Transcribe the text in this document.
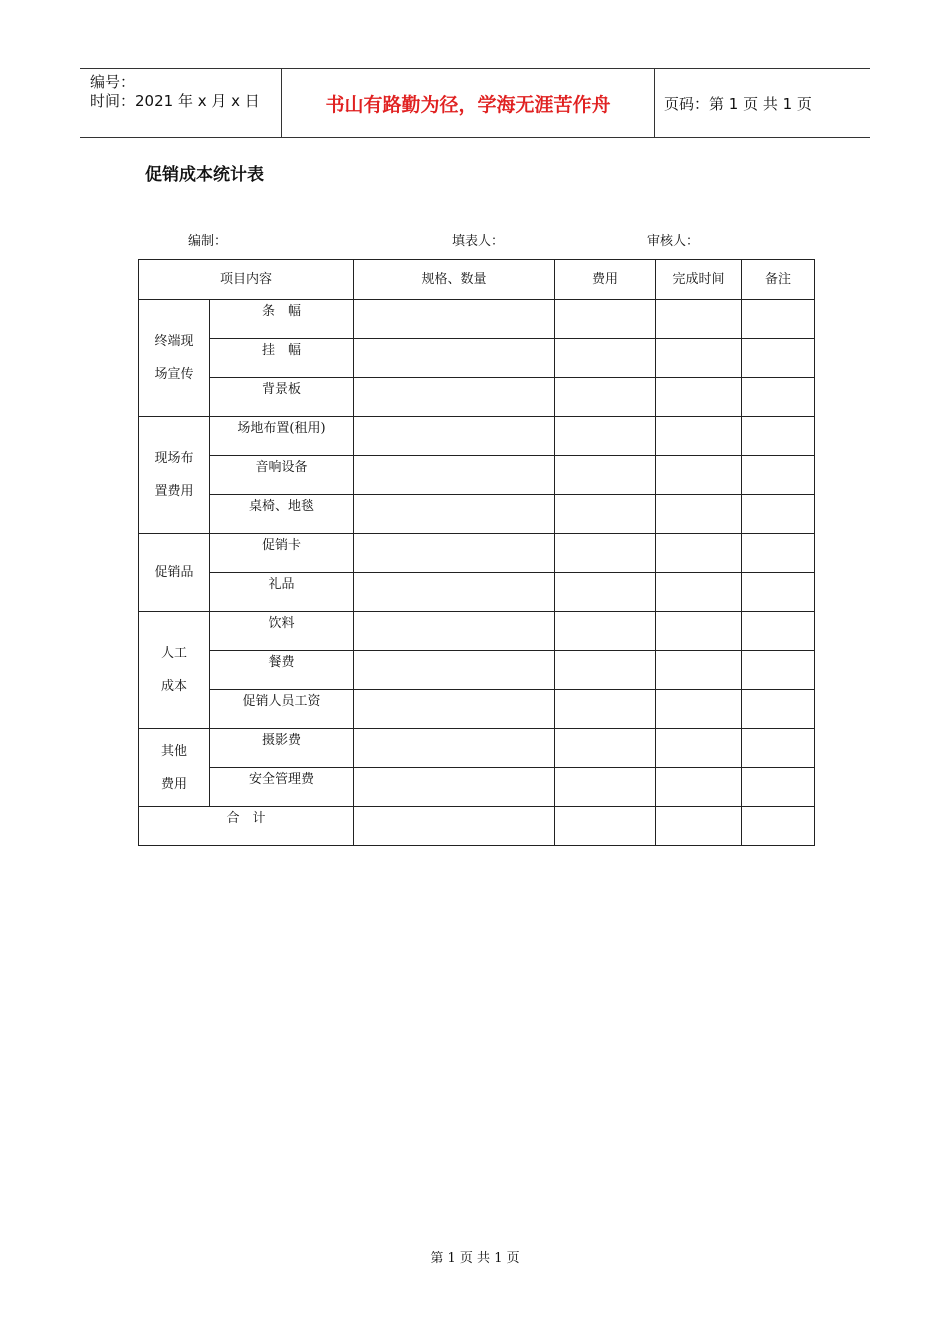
编号：
时间：2021 年 x 月 x 日	书山有路勤为径，学海无涯苦作舟	页码：第 1 页 共 1 页
促销成本统计表
编制：	填表人：	审核人：
项目内容		规格、数量	费用	完成时间	备注

终端现
场宣传	条　幅				
	挂　幅				
	背景板				

现场布
置费用	场地布置(租用)				
	音响设备				
	桌椅、地毯				

促销品	促销卡				
	礼品				

人工
成本	饮料				
	餐费				
	促销人员工资				

其他
费用	摄影费				
	安全管理费				
合　计					
第 1 页 共 1 页
